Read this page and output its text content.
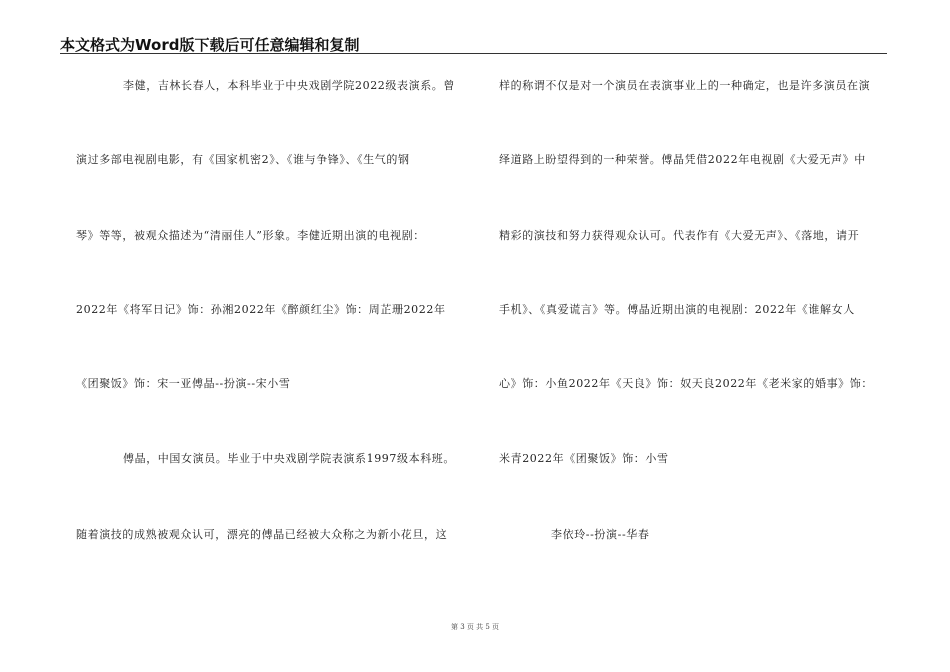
本文格式为Word版下载后可任意编辑和复制
李健，吉林长春人，本科毕业于中央戏剧学院2022级表演系。曾
演过多部电视剧电影，有《国家机密2》、《谁与争锋》、《生气的钢
琴》等等，被观众描述为“清丽佳人”形象。李健近期出演的电视剧：
2022年《将军日记》饰：孙湘2022年《醉颜红尘》饰：周芷珊2022年
《团聚饭》饰：宋一亚傅晶--扮演--宋小雪
傅晶，中国女演员。毕业于中央戏剧学院表演系1997级本科班。
随着演技的成熟被观众认可，漂亮的傅晶已经被大众称之为新小花旦，这
样的称谓不仅是对一个演员在表演事业上的一种确定，也是许多演员在演
绎道路上盼望得到的一种荣誉。傅晶凭借2022年电视剧《大爱无声》中
精彩的演技和努力获得观众认可。代表作有《大爱无声》、《落地，请开
手机》、《真爱谎言》等。傅晶近期出演的电视剧：2022年《谁解女人
心》饰：小鱼2022年《天良》饰：奴天良2022年《老米家的婚事》饰：
米青2022年《团聚饭》饰：小雪
李依玲--扮演--华春
第 3 页 共 5 页
